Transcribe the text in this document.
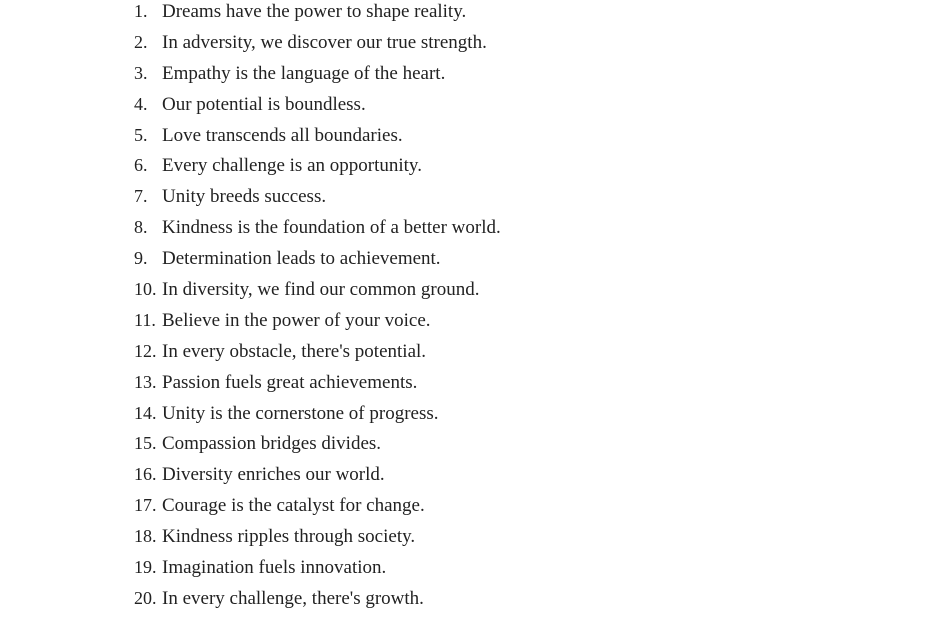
1. Dreams have the power to shape reality.
2. In adversity, we discover our true strength.
3. Empathy is the language of the heart.
4. Our potential is boundless.
5. Love transcends all boundaries.
6. Every challenge is an opportunity.
7. Unity breeds success.
8. Kindness is the foundation of a better world.
9. Determination leads to achievement.
10. In diversity, we find our common ground.
11. Believe in the power of your voice.
12. In every obstacle, there's potential.
13. Passion fuels great achievements.
14. Unity is the cornerstone of progress.
15. Compassion bridges divides.
16. Diversity enriches our world.
17. Courage is the catalyst for change.
18. Kindness ripples through society.
19. Imagination fuels innovation.
20. In every challenge, there's growth.
